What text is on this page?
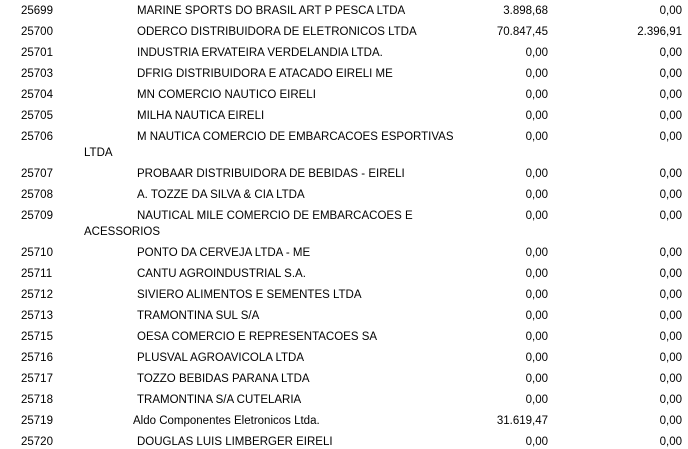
25699	MARINE SPORTS DO BRASIL ART P PESCA LTDA	3.898,68	0,00
25700	ODERCO DISTRIBUIDORA DE ELETRONICOS LTDA	70.847,45	2.396,91
25701	INDUSTRIA ERVATEIRA VERDELANDIA LTDA.	0,00	0,00
25703	DFRIG DISTRIBUIDORA E ATACADO EIRELI ME	0,00	0,00
25704	MN COMERCIO NAUTICO EIRELI	0,00	0,00
25705	MILHA NAUTICA EIRELI	0,00	0,00
25706	M NAUTICA COMERCIO DE EMBARCACOES ESPORTIVAS	0,00	0,00
LTDA
25707	PROBAAR DISTRIBUIDORA DE BEBIDAS - EIRELI	0,00	0,00
25708	A. TOZZE DA SILVA & CIA LTDA	0,00	0,00
25709	NAUTICAL MILE COMERCIO DE EMBARCACOES E	0,00	0,00
ACESSORIOS
25710	PONTO DA CERVEJA LTDA - ME	0,00	0,00
25711	CANTU AGROINDUSTRIAL S.A.	0,00	0,00
25712	SIVIERO ALIMENTOS E SEMENTES LTDA	0,00	0,00
25713	TRAMONTINA SUL S/A	0,00	0,00
25715	OESA COMERCIO E REPRESENTACOES SA	0,00	0,00
25716	PLUSVAL AGROAVICOLA LTDA	0,00	0,00
25717	TOZZO BEBIDAS PARANA LTDA	0,00	0,00
25718	TRAMONTINA S/A CUTELARIA	0,00	0,00
25719	Aldo Componentes Eletronicos Ltda.	31.619,47	0,00
25720	DOUGLAS LUIS LIMBERGER EIRELI	0,00	0,00
